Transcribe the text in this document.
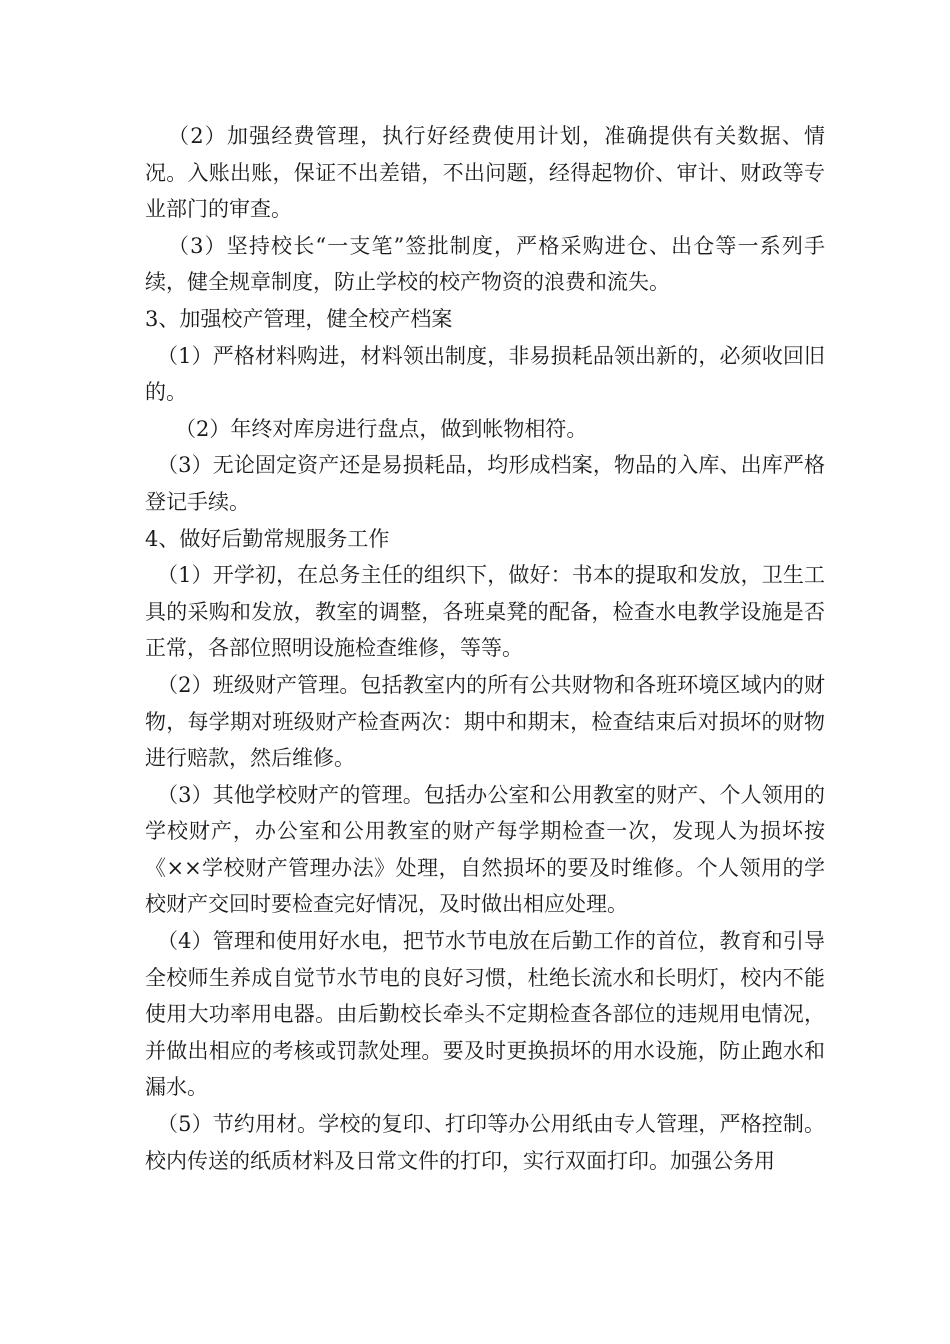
（2）加强经费管理，执行好经费使用计划，准确提供有关数据、情况。入账出账，保证不出差错，不出问题，经得起物价、审计、财政等专业部门的审查。

（3）坚持校长“一支笔”签批制度，严格采购进仓、出仓等一系列手续，健全规章制度，防止学校的校产物资的浪费和流失。

3、加强校产管理，健全校产档案

（1）严格材料购进，材料领出制度，非易损耗品领出新的，必须收回旧的。

（2）年终对库房进行盘点，做到帐物相符。

（3）无论固定资产还是易损耗品，均形成档案，物品的入库、出库严格登记手续。

4、做好后勤常规服务工作

（1）开学初，在总务主任的组织下，做好：书本的提取和发放，卫生工具的采购和发放，教室的调整，各班桌凳的配备，检查水电教学设施是否正常，各部位照明设施检查维修，等等。

（2）班级财产管理。包括教室内的所有公共财物和各班环境区域内的财物，每学期对班级财产检查两次：期中和期末，检查结束后对损坏的财物进行赔款，然后维修。

（3）其他学校财产的管理。包括办公室和公用教室的财产、个人领用的学校财产，办公室和公用教室的财产每学期检查一次，发现人为损坏按《××学校财产管理办法》处理，自然损坏的要及时维修。个人领用的学校财产交回时要检查完好情况，及时做出相应处理。

（4）管理和使用好水电，把节水节电放在后勤工作的首位，教育和引导全校师生养成自觉节水节电的良好习惯，杜绝长流水和长明灯，校内不能使用大功率用电器。由后勤校长牵头不定期检查各部位的违规用电情况，并做出相应的考核或罚款处理。要及时更换损坏的用水设施，防止跑水和漏水。

（5）节约用材。学校的复印、打印等办公用纸由专人管理，严格控制。校内传送的纸质材料及日常文件的打印，实行双面打印。加强公务用
